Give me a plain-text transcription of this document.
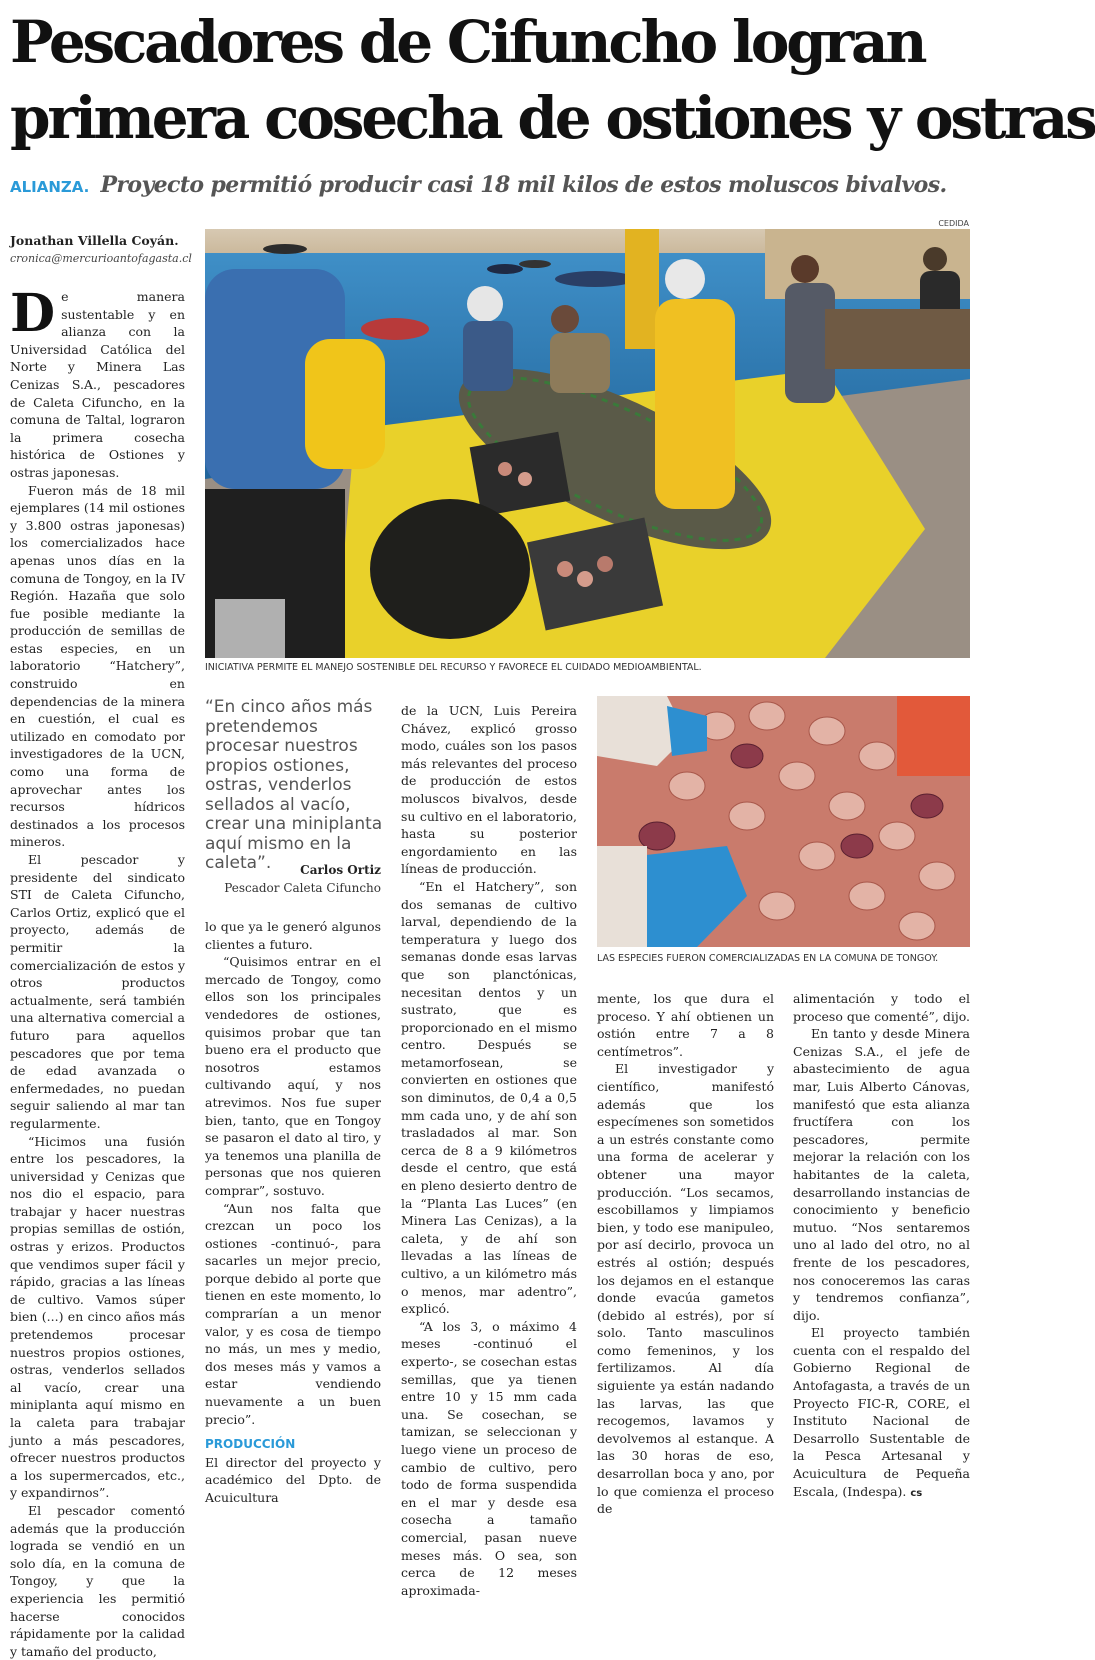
Pescadores de Cifuncho logran
primera cosecha de ostiones y ostras
ALIANZA. Proyecto permitió producir casi 18 mil kilos de estos moluscos bivalvos.
CEDIDA
Jonathan Villella Coyán.
cronica@mercurioantofagasta.cl
INICIATIVA PERMITE EL MANEJO SOSTENIBLE DEL RECURSO Y FAVORECE EL CUIDADO MEDIOAMBIENTAL.
LAS ESPECIES FUERON COMERCIALIZADAS EN LA COMUNA DE TONGOY.

De manera sustentable y en alianza con la Universidad Católica del Norte y Minera Las Cenizas S.A., pescadores de Caleta Cifuncho, en la comuna de Taltal, lograron la primera cosecha histórica de Ostiones y ostras japonesas.

Fueron más de 18 mil ejemplares (14 mil ostiones y 3.800 ostras japonesas) los comercializados hace apenas unos días en la comuna de Tongoy, en la IV Región. Hazaña que solo fue posible mediante la producción de semillas de estas especies, en un laboratorio “Hatchery”, construido en dependencias de la minera en cuestión, el cual es utilizado en comodato por investigadores de la UCN, como una forma de aprovechar antes los recursos hídricos destinados a los procesos mineros.

El pescador y presidente del sindicato STI de Caleta Cifuncho, Carlos Ortiz, explicó que el proyecto, además de permitir la comercialización de estos y otros productos actualmente, será también una alternativa comercial a futuro para aquellos pescadores que por tema de edad avanzada o enfermedades, no puedan seguir saliendo al mar tan regularmente.

“Hicimos una fusión entre los pescadores, la universidad y Cenizas que nos dio el espacio, para trabajar y hacer nuestras propias semillas de ostión, ostras y erizos. Productos que vendimos super fácil y rápido, gracias a las líneas de cultivo. Vamos súper bien (...) en cinco años más pretendemos procesar nuestros propios ostiones, ostras, venderlos sellados al vacío, crear una miniplanta aquí mismo en la caleta para trabajar junto a más pescadores, ofrecer nuestros productos a los supermercados, etc., y expandirnos”.

El pescador comentó además que la producción lograda se vendió en un solo día, en la comuna de Tongoy, y que la experiencia les permitió hacerse conocidos rápidamente por la calidad y tamaño del producto,

“En cinco años más pretendemos procesar nuestros propios ostiones, ostras, venderlos sellados al vacío, crear una miniplanta aquí mismo en la caleta”.	Carlos Ortiz
Pescador Caleta Cifuncho

lo que ya le generó algunos clientes a futuro.

“Quisimos entrar en el mercado de Tongoy, como ellos son los principales vendedores de ostiones, quisimos probar que tan bueno era el producto que nosotros estamos cultivando aquí, y nos atrevimos. Nos fue super bien, tanto, que en Tongoy se pasaron el dato al tiro, y ya tenemos una planilla de personas que nos quieren comprar”, sostuvo.

“Aun nos falta que crezcan un poco los ostiones -continuó-, para sacarles un mejor precio, porque debido al porte que tienen en este momento, lo comprarían a un menor valor, y es cosa de tiempo no más, un mes y medio, dos meses más y vamos a estar vendiendo nuevamente a un buen precio”.

PRODUCCIÓN

El director del proyecto y académico del Dpto. de Acuicultura

de la UCN, Luis Pereira Chávez, explicó grosso modo, cuáles son los pasos más relevantes del proceso de producción de estos moluscos bivalvos, desde su cultivo en el laboratorio, hasta su posterior engordamiento en las líneas de producción.

“En el Hatchery”, son dos semanas de cultivo larval, dependiendo de la temperatura y luego dos semanas donde esas larvas que son planctónicas, necesitan dentos y un sustrato, que es proporcionado en el mismo centro. Después se metamorfosean, se convierten en ostiones que son diminutos, de 0,4 a 0,5 mm cada uno, y de ahí son trasladados al mar. Son cerca de 8 a 9 kilómetros desde el centro, que está en pleno desierto dentro de la “Planta Las Luces” (en Minera Las Cenizas), a la caleta, y de ahí son llevadas a las líneas de cultivo, a un kilómetro más o menos, mar adentro”, explicó.

“A los 3, o máximo 4 meses -continuó el experto-, se cosechan estas semillas, que ya tienen entre 10 y 15 mm cada una. Se cosechan, se tamizan, se seleccionan y luego viene un proceso de cambio de cultivo, pero todo de forma suspendida en el mar y desde esa cosecha a tamaño comercial, pasan nueve meses más. O sea, son cerca de 12 meses aproximada-

mente, los que dura el proceso. Y ahí obtienen un ostión entre 7 a 8 centímetros”.

El investigador y científico, manifestó además que los especímenes son sometidos a un estrés constante como una forma de acelerar y obtener una mayor producción. “Los secamos, escobillamos y limpiamos bien, y todo ese manipuleo, por así decirlo, provoca un estrés al ostión; después los dejamos en el estanque donde evacúa gametos (debido al estrés), por sí solo. Tanto masculinos como femeninos, y los fertilizamos. Al día siguiente ya están nadando las larvas, las que recogemos, lavamos y devolvemos al estanque. A las 30 horas de eso, desarrollan boca y ano, por lo que comienza el proceso de

alimentación y todo el proceso que comenté”, dijo.

En tanto y desde Minera Cenizas S.A., el jefe de abastecimiento de agua mar, Luis Alberto Cánovas, manifestó que esta alianza fructífera con los pescadores, permite mejorar la relación con los habitantes de la caleta, desarrollando instancias de conocimiento y beneficio mutuo. “Nos sentaremos uno al lado del otro, no al frente de los pescadores, nos conoceremos las caras y tendremos confianza”, dijo.

El proyecto también cuenta con el respaldo del Gobierno Regional de Antofagasta, a través de un Proyecto FIC-R, CORE, el Instituto Nacional de Desarrollo Sustentable de la Pesca Artesanal y Acuicultura de Pequeña Escala, (Indespa). cs
